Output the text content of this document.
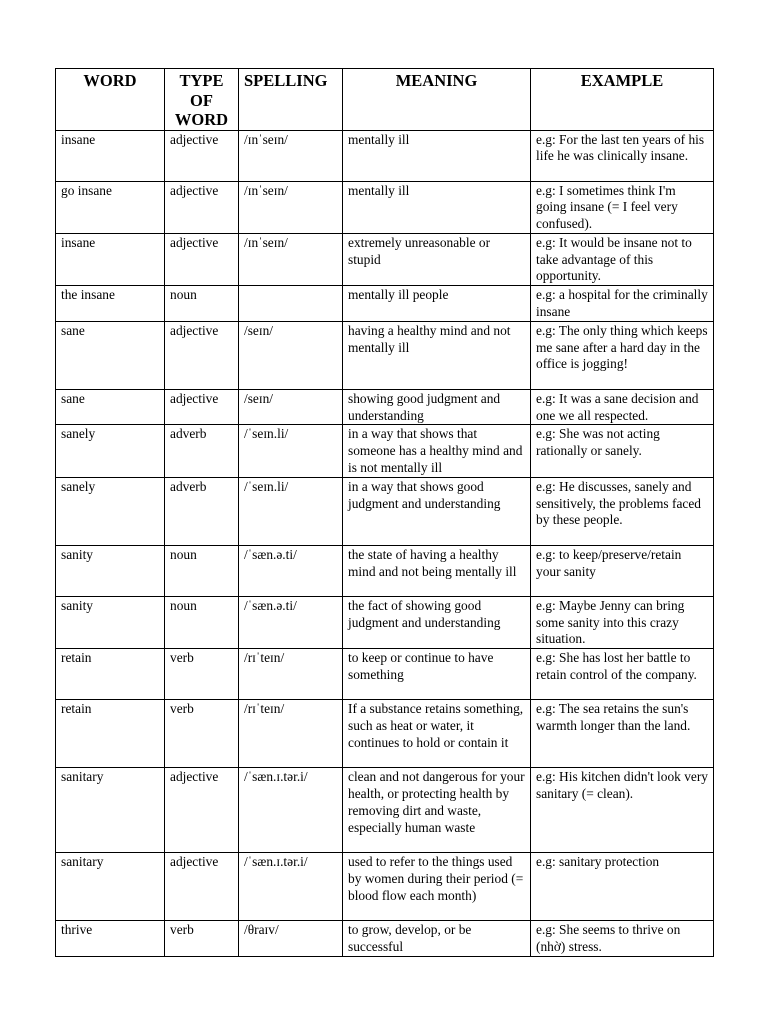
WORD	TYPE OF WORD	SPELLING	MEANING	EXAMPLE
insane	adjective	/ɪnˈseɪn/	mentally ill	e.g: For the last ten years of his life he was clinically insane.
go insane	adjective	/ɪnˈseɪn/	mentally ill	e.g: I sometimes think I'm going insane (= I feel very confused).
insane	adjective	/ɪnˈseɪn/	extremely unreasonable or stupid	e.g: It would be insane not to take advantage of this opportunity.
the insane	noun		mentally ill people	e.g: a hospital for the criminally insane
sane	adjective	/seɪn/	having a healthy mind and not mentally ill	e.g: The only thing which keeps me sane after a hard day in the office is jogging!
sane	adjective	/seɪn/	showing good judgment and understanding	e.g: It was a sane decision and one we all respected.
sanely	adverb	/ˈseɪn.li/	in a way that shows that someone has a healthy mind and is not mentally ill	e.g: She was not acting rationally or sanely.
sanely	adverb	/ˈseɪn.li/	in a way that shows good judgment and understanding	e.g: He discusses, sanely and sensitively, the problems faced by these people.
sanity	noun	/ˈsæn.ə.ti/	the state of having a healthy mind and not being mentally ill	e.g: to keep/preserve/retain your sanity
sanity	noun	/ˈsæn.ə.ti/	the fact of showing good judgment and understanding	e.g: Maybe Jenny can bring some sanity into this crazy situation.
retain	verb	/rɪˈteɪn/	to keep or continue to have something	e.g: She has lost her battle to retain control of the company.
retain	verb	/rɪˈteɪn/	If a substance retains something, such as heat or water, it continues to hold or contain it	e.g: The sea retains the sun's warmth longer than the land.
sanitary	adjective	/ˈsæn.ɪ.tər.i/	clean and not dangerous for your health, or protecting health by removing dirt and waste, especially human waste	e.g: His kitchen didn't look very sanitary (= clean).
sanitary	adjective	/ˈsæn.ɪ.tər.i/	used to refer to the things used by women during their period (= blood flow each month)	e.g: sanitary protection
thrive	verb	/θraɪv/	to grow, develop, or be successful	e.g: She seems to thrive on (nhờ) stress.
